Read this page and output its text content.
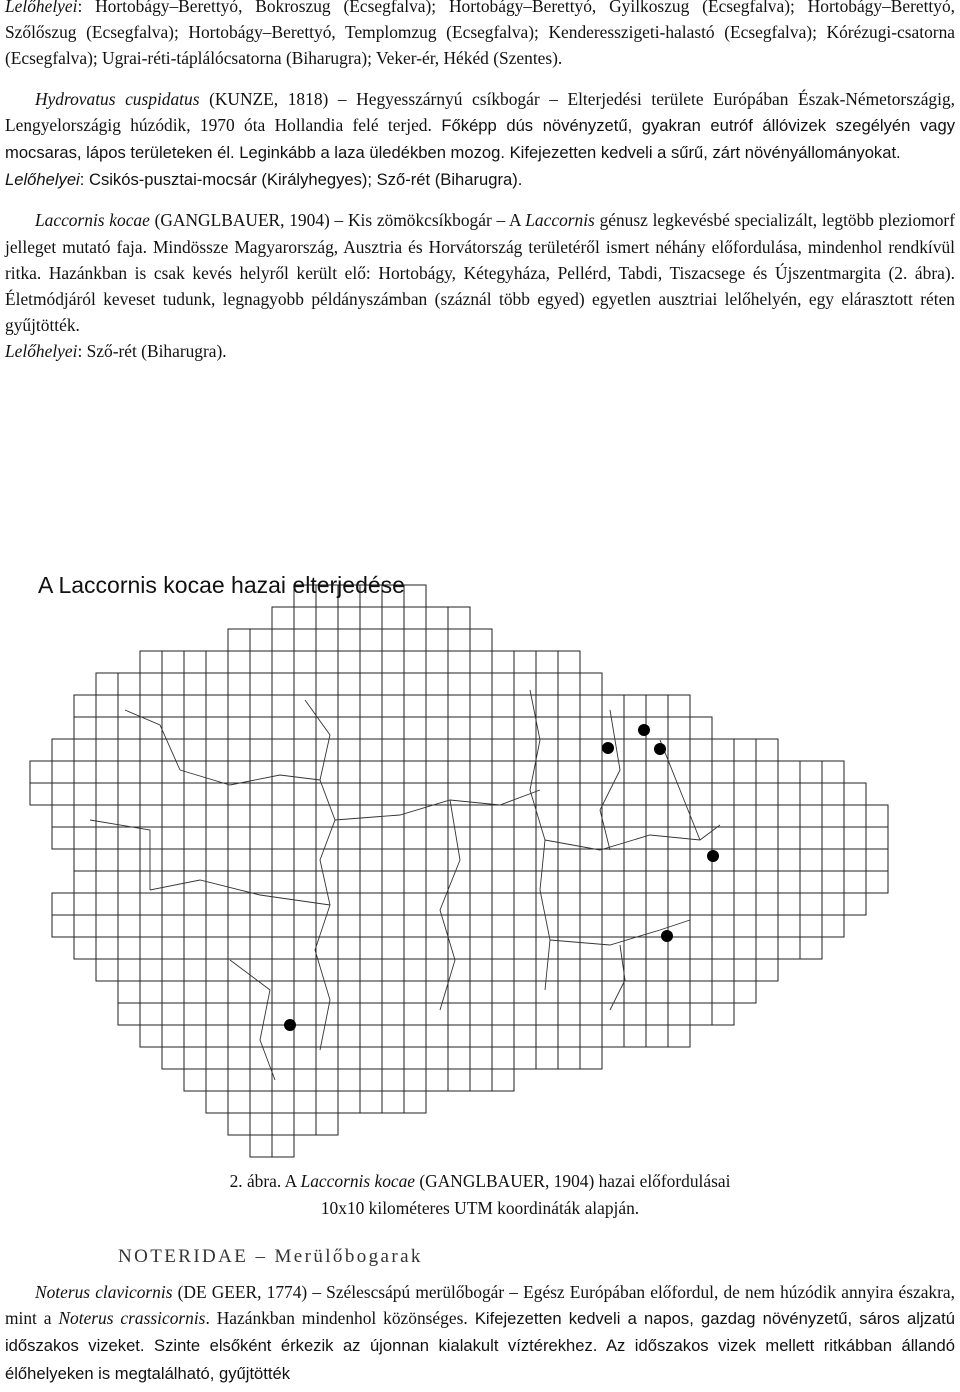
Lelőhelyei: Hortobágy–Berettyó, Bokroszug (Ecsegfalva); Hortobágy–Berettyó, Gyilkoszug (Ecsegfalva); Hortobágy–Berettyó, Szőlőszug (Ecsegfalva); Hortobágy–Berettyó, Templomzug (Ecsegfalva); Kenderesszigeti-halastó (Ecsegfalva); Kórézugi-csatorna (Ecsegfalva); Ugrai-réti-táplálócsatorna (Biharugra); Veker-ér, Hékéd (Szentes).

Hydrovatus cuspidatus (KUNZE, 1818) – Hegyesszárnyú csíkbogár – Elterjedési területe Európában Észak-Németországig, Lengyelországig húzódik, 1970 óta Hollandia felé terjed. Főképp dús növényzetű, gyakran eutróf állóvizek szegélyén vagy mocsaras, lápos területeken él. Leginkább a laza üledékben mozog. Kifejezetten kedveli a sűrű, zárt növényállományokat.
Lelőhelyei: Csikós-pusztai-mocsár (Királyhegyes); Sző-rét (Biharugra).

Laccornis kocae (GANGLBAUER, 1904) – Kis zömökcsíkbogár – A Laccornis génusz legkevésbé specializált, legtöbb pleziomorf jelleget mutató faja. Mindössze Magyarország, Ausztria és Horvátország területéről ismert néhány előfordulása, mindenhol rendkívül ritka. Hazánkban is csak kevés helyről került elő: Hortobágy, Kétegyháza, Pellérd, Tabdi, Tiszacsege és Újszentmargita (2. ábra). Életmódjáról keveset tudunk, legnagyobb példányszámban (száznál több egyed) egyetlen ausztriai lelőhelyén, egy elárasztott réten gyűjtötték.
Lelőhelyei: Sző-rét (Biharugra).

A Laccornis kocae hazai elterjedése
2. ábra. A Laccornis kocae (GANGLBAUER, 1904) hazai előfordulásai
10x10 kilométeres UTM koordináták alapján.
NOTERIDAE – Merülőbogarak

Noterus clavicornis (DE GEER, 1774) – Szélescsápú merülőbogár – Egész Európában előfordul, de nem húzódik annyira északra, mint a Noterus crassicornis. Hazánkban mindenhol közönséges. Kifejezetten kedveli a napos, gazdag növényzetű, sáros aljzatú időszakos vizeket. Szinte elsőként érkezik az újonnan kialakult víztérekhez. Az időszakos vizek mellett ritkábban állandó élőhelyeken is megtalálható, gyűjtötték
